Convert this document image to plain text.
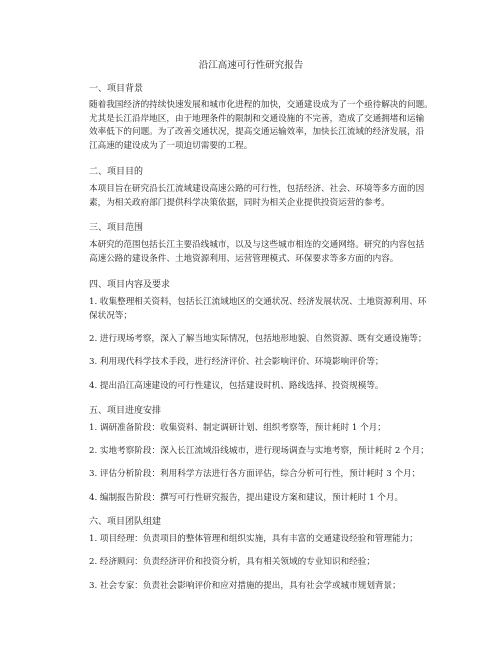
沿江高速可行性研究报告
一、项目背景
随着我国经济的持续快速发展和城市化进程的加快，交通建设成为了一个亟待解决的问题。
尤其是长江沿岸地区，由于地理条件的限制和交通设施的不完善，造成了交通拥堵和运输
效率低下的问题。为了改善交通状况，提高交通运输效率，加快长江流域的经济发展，沿
江高速的建设成为了一项迫切需要的工程。
二、项目目的
本项目旨在研究沿长江流域建设高速公路的可行性，包括经济、社会、环境等多方面的因
素，为相关政府部门提供科学决策依据，同时为相关企业提供投资运营的参考。
三、项目范围
本研究的范围包括长江主要沿线城市，以及与这些城市相连的交通网络。研究的内容包括
高速公路的建设条件、土地资源利用、运营管理模式、环保要求等多方面的内容。
四、项目内容及要求
1. 收集整理相关资料，包括长江流域地区的交通状况、经济发展状况、土地资源利用、环
保状况等；
2. 进行现场考察，深入了解当地实际情况，包括地形地貌、自然资源、既有交通设施等；
3. 利用现代科学技术手段，进行经济评价、社会影响评价、环境影响评价等；
4. 提出沿江高速建设的可行性建议，包括建设时机、路线选择、投资规模等。
五、项目进度安排
1. 调研准备阶段：收集资料、制定调研计划、组织考察等，预计耗时 1 个月；
2. 实地考察阶段：深入长江流域沿线城市，进行现场调查与实地考察，预计耗时 2 个月；
3. 评估分析阶段：利用科学方法进行各方面评估，综合分析可行性，预计耗时 3 个月；
4. 编制报告阶段：撰写可行性研究报告，提出建设方案和建议，预计耗时 1 个月。
六、项目团队组建
1. 项目经理：负责项目的整体管理和组织实施，具有丰富的交通建设经验和管理能力；
2. 经济顾问：负责经济评价和投资分析，具有相关领域的专业知识和经验；
3. 社会专家：负责社会影响评价和应对措施的提出，具有社会学或城市规划背景；
